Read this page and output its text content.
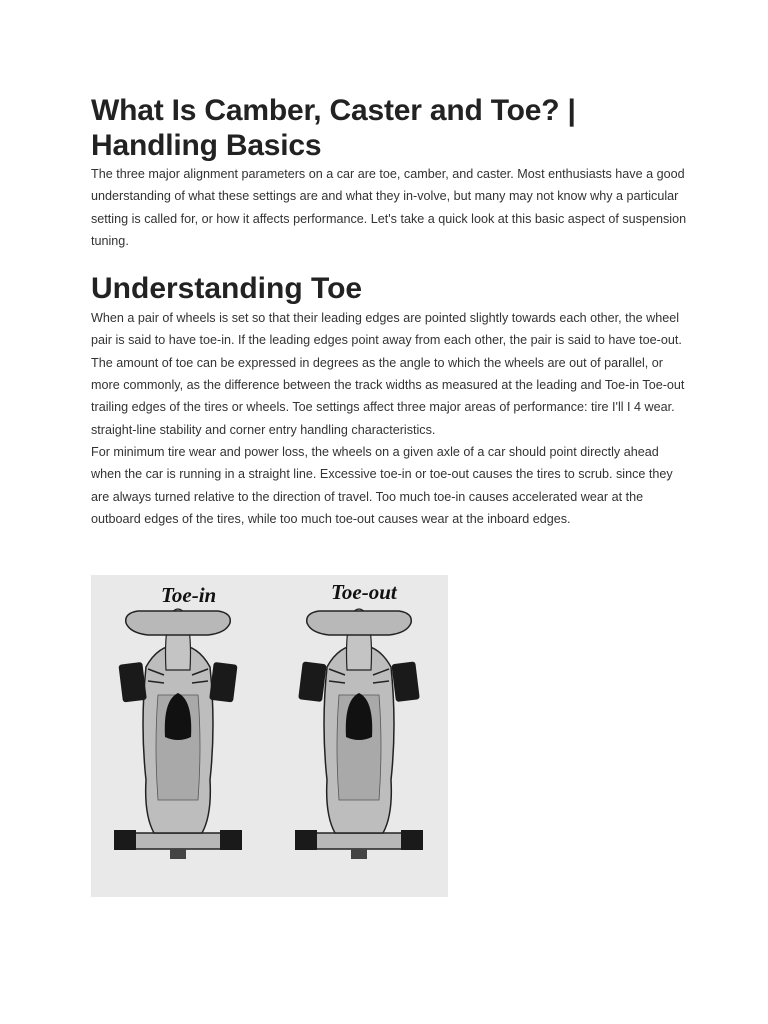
What Is Camber, Caster and Toe? | Handling Basics

The three major alignment parameters on a car are toe, camber, and caster. Most enthusiasts have a good understanding of what these settings are and what they in-volve, but many may not know why a particular setting is called for, or how it affects performance. Let's take a quick look at this basic aspect of suspension tuning.

Understanding Toe

When a pair of wheels is set so that their leading edges are pointed slightly towards each other, the wheel pair is said to have toe-in. If the leading edges point away from each other, the pair is said to have toe-out. The amount of toe can be expressed in degrees as the angle to which the wheels are out of parallel, or more commonly, as the difference between the track widths as measured at the leading and Toe-in Toe-out trailing edges of the tires or wheels. Toe settings affect three major areas of performance: tire I'll I 4 wear. straight-line stability and corner entry handling characteristics.

For minimum tire wear and power loss, the wheels on a given axle of a car should point directly ahead when the car is running in a straight line. Excessive toe-in or toe-out causes the tires to scrub. since they are always turned relative to the direction of travel. Too much toe-in causes accelerated wear at the outboard edges of the tires, while too much toe-out causes wear at the inboard edges.

Toe-in	Toe-out
